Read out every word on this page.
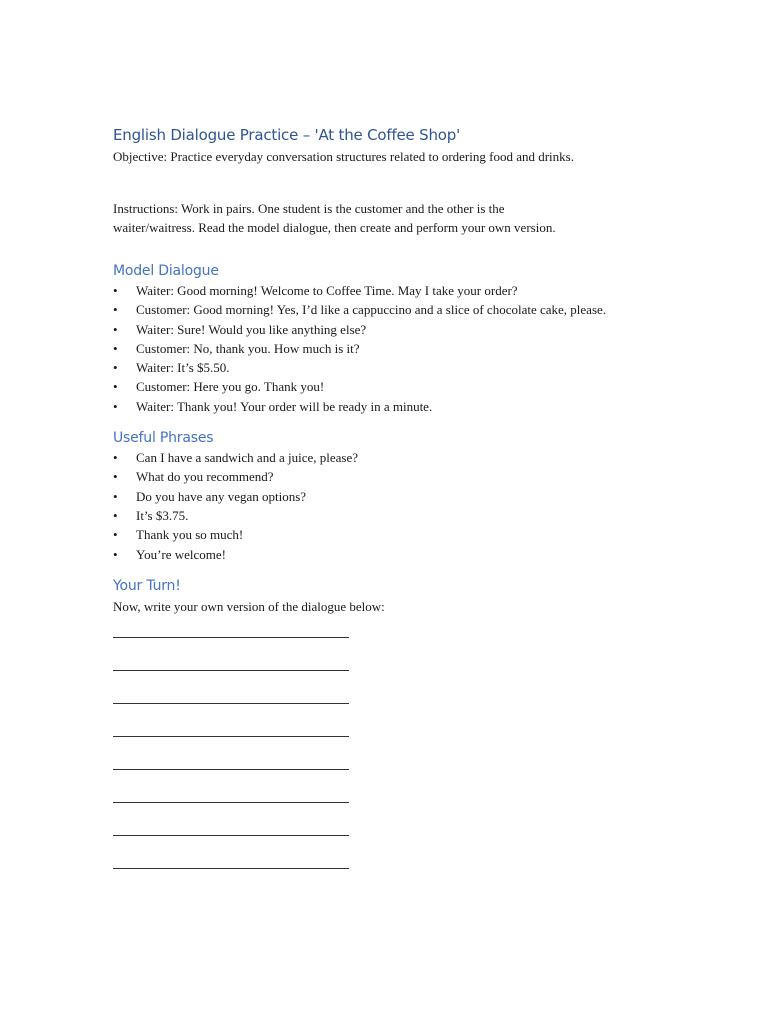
English Dialogue Practice – 'At the Coffee Shop'

Objective: Practice everyday conversation structures related to ordering food and drinks.

Instructions: Work in pairs. One student is the customer and the other is the
waiter/waitress. Read the model dialogue, then create and perform your own version.

Model Dialogue
• Waiter: Good morning! Welcome to Coffee Time. May I take your order?
• Customer: Good morning! Yes, I’d like a cappuccino and a slice of chocolate cake, please.
• Waiter: Sure! Would you like anything else?
• Customer: No, thank you. How much is it?
• Waiter: It’s $5.50.
• Customer: Here you go. Thank you!
• Waiter: Thank you! Your order will be ready in a minute.
Useful Phrases
• Can I have a sandwich and a juice, please?
• What do you recommend?
• Do you have any vegan options?
• It’s $3.75.
• Thank you so much!
• You’re welcome!
Your Turn!

Now, write your own version of the dialogue below:
